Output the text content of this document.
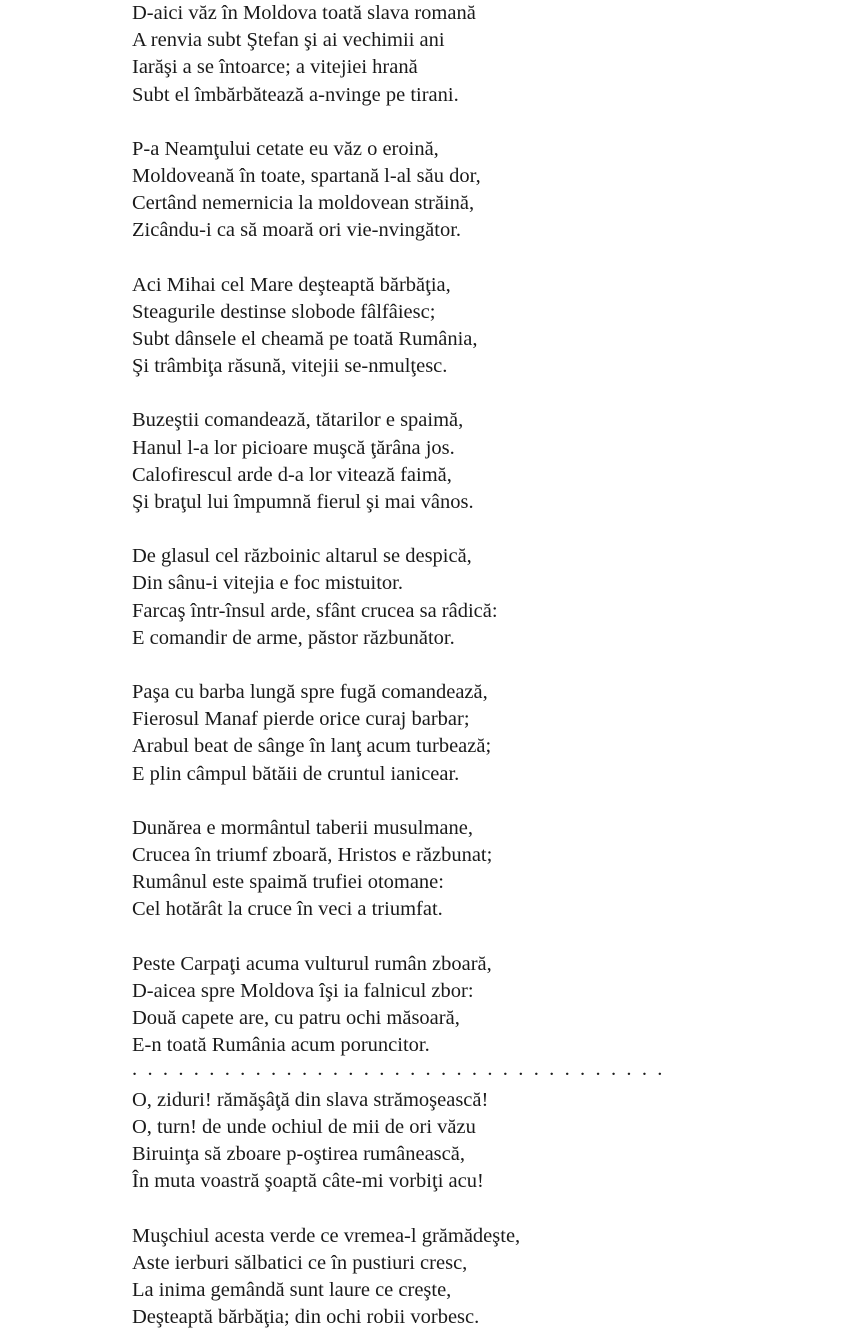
D-aici văz în Moldova toată slava romană
A renvia subt Ştefan şi ai vechimii ani
Iarăşi a se întoarce; a vitejiei hrană
Subt el îmbărbătează a-nvinge pe tirani.
P-a Neamţului cetate eu văz o eroină,
Moldoveană în toate, spartană l-al său dor,
Certând nemernicia la moldovean străină,
Zicându-i ca să moară ori vie-nvingător.
Aci Mihai cel Mare deşteaptă bărbăţia,
Steagurile destinse slobode fâlfâiesc;
Subt dânsele el cheamă pe toată Rumânia,
Şi trâmbiţa răsună, vitejii se-nmulţesc.
Buzeştii comandează, tătarilor e spaimă,
Hanul l-a lor picioare muşcă ţărâna jos.
Calofirescul arde d-a lor vitează faimă,
Şi braţul lui împumnă fierul şi mai vânos.
De glasul cel războinic altarul se despică,
Din sânu-i vitejia e foc mistuitor.
Farcaş într-însul arde, sfânt crucea sa râdică:
E comandir de arme, păstor răzbunător.
Paşa cu barba lungă spre fugă comandează,
Fierosul Manaf pierde orice curaj barbar;
Arabul beat de sânge în lanţ acum turbează;
E plin câmpul bătăii de cruntul ianicear.
Dunărea e mormântul taberii musulmane,
Crucea în triumf zboară, Hristos e răzbunat;
Rumânul este spaimă trufiei otomane:
Cel hotărât la cruce în veci a triumfat.
Peste Carpaţi acuma vulturul rumân zboară,
D-aicea spre Moldova îşi ia falnicul zbor:
Două capete are, cu patru ochi măsoară,
E-n toată Rumânia acum poruncitor.
. . . . . . . . . . . . . . . . . . . . . . . . . . . . . . . . . . .
O, ziduri! rămăşâţă din slava strămoşească!
O, turn! de unde ochiul de mii de ori văzu
Biruinţa să zboare p-oştirea rumânească,
În muta voastră şoaptă câte-mi vorbiţi acu!
Muşchiul acesta verde ce vremea-l grămădeşte,
Aste ierburi sălbatici ce în pustiuri cresc,
La inima gemândă sunt laure ce creşte,
Deşteaptă bărbăţia; din ochi robii vorbesc.
